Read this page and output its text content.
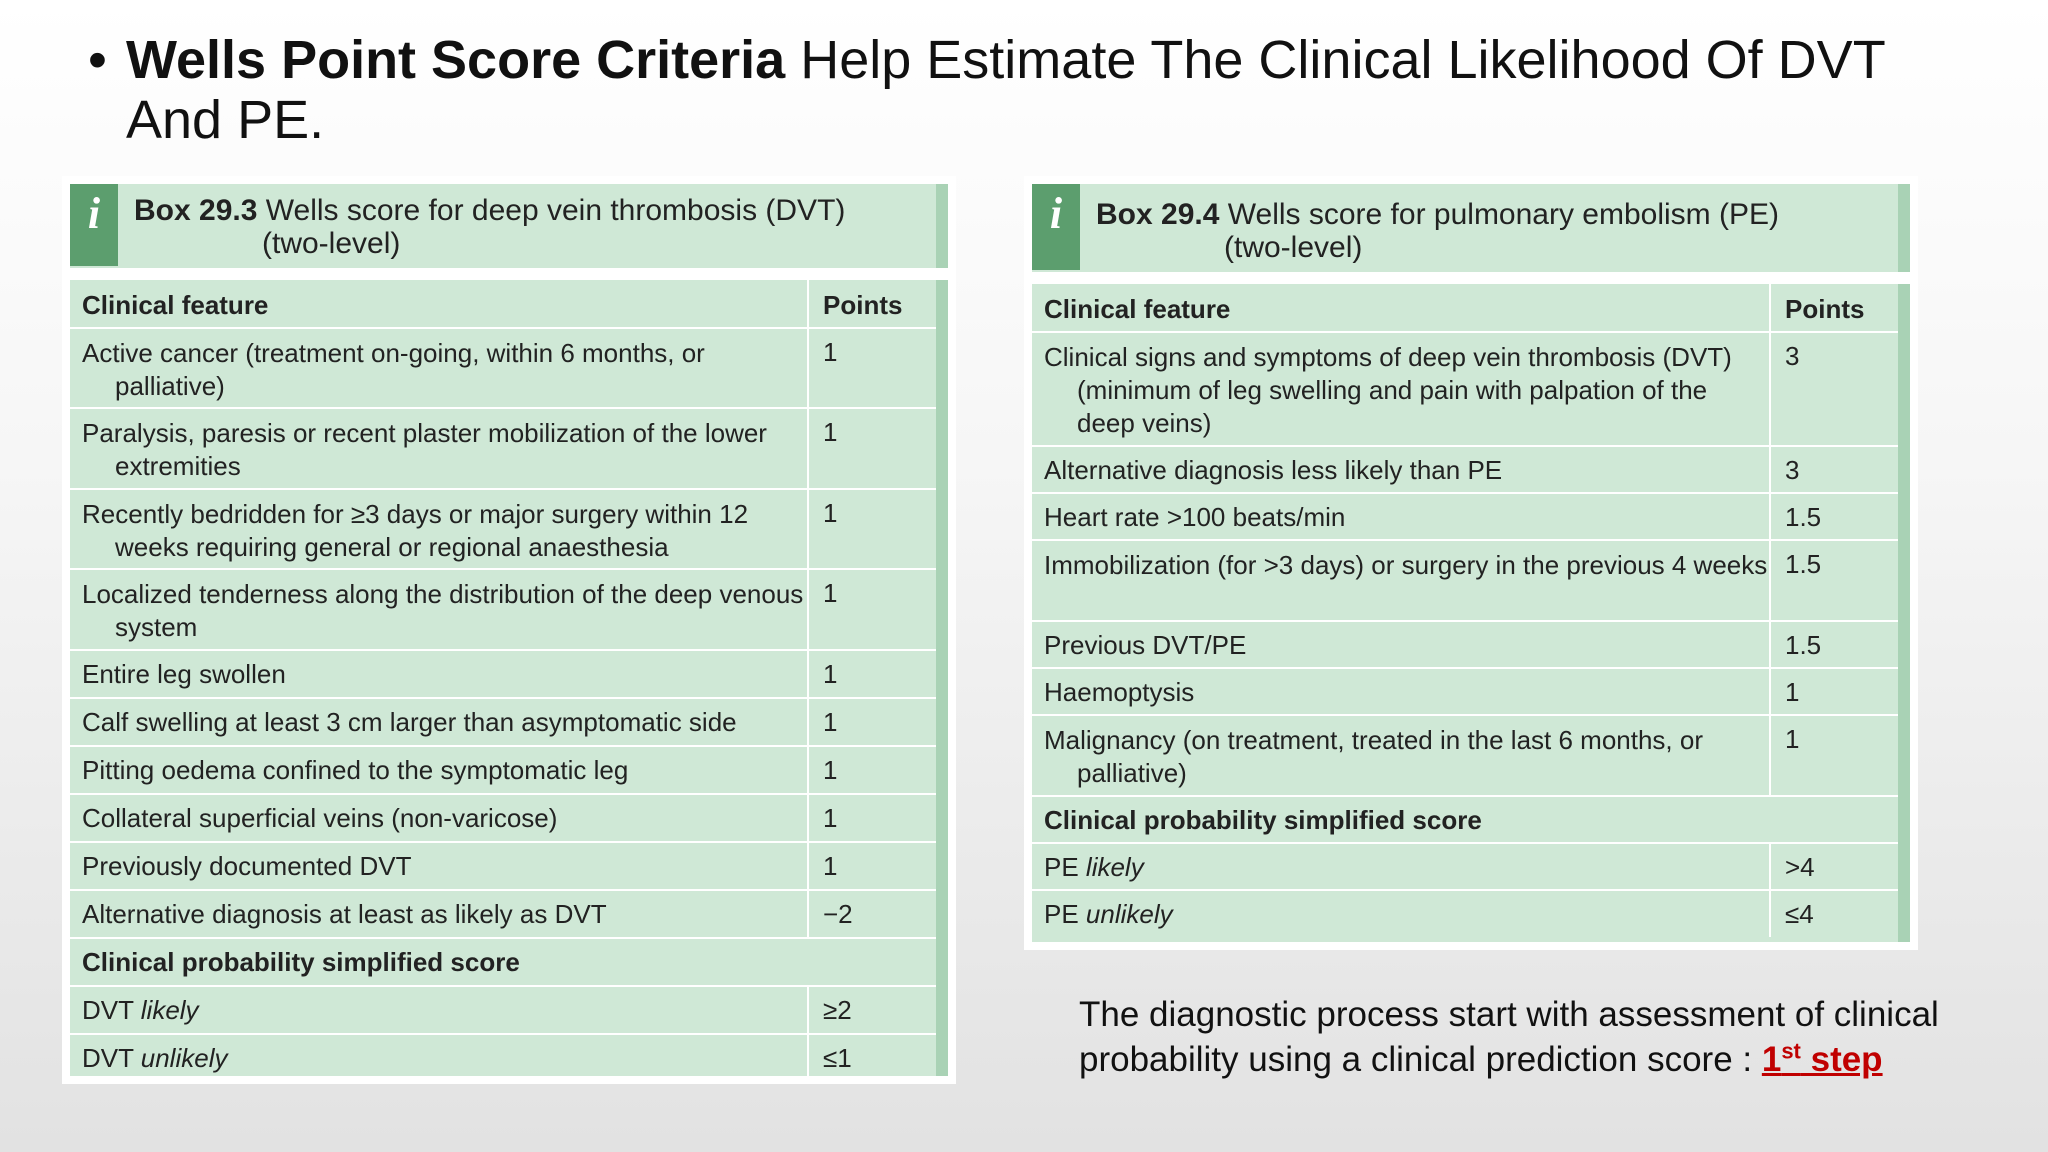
• Wells Point Score Criteria Help Estimate The Clinical Likelihood Of DVT And PE.
i	Box 29.3 Wells score for deep vein thrombosis (DVT)
(two-level)
Clinical feature	Points
Active cancer (treatment on-going, within 6 months, or palliative)	1
Paralysis, paresis or recent plaster mobilization of the lower extremities	1
Recently bedridden for ≥3 days or major surgery within 12 weeks requiring general or regional anaesthesia	1
Localized tenderness along the distribution of the deep venous system	1
Entire leg swollen	1
Calf swelling at least 3 cm larger than asymptomatic side	1
Pitting oedema confined to the symptomatic leg	1
Collateral superficial veins (non-varicose)	1
Previously documented DVT	1
Alternative diagnosis at least as likely as DVT	−2
Clinical probability simplified score	
DVT likely	≥2
DVT unlikely	≤1
i	Box 29.4 Wells score for pulmonary embolism (PE)
(two-level)
Clinical feature	Points
Clinical signs and symptoms of deep vein thrombosis (DVT) (minimum of leg swelling and pain with palpation of the deep veins)	3
Alternative diagnosis less likely than PE	3
Heart rate >100 beats/min	1.5
Immobilization (for >3 days) or surgery in the previous 4 weeks	1.5
Previous DVT/PE	1.5
Haemoptysis	1
Malignancy (on treatment, treated in the last 6 months, or palliative)	1
Clinical probability simplified score	
PE likely	>4
PE unlikely	≤4
The diagnostic process start with assessment of clinical probability using a clinical prediction score : 1st step
